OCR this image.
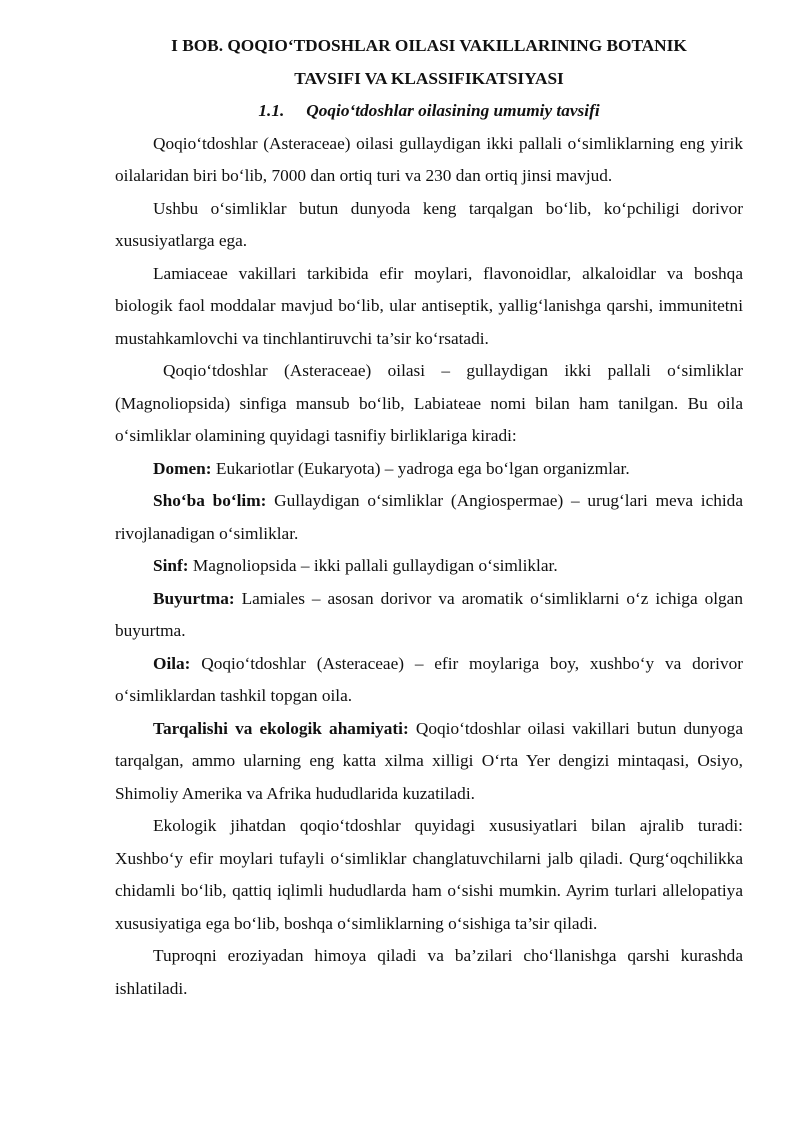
I BOB. QOQIO‘TDOSHLAR OILASI VAKILLARINING BOTANIK
TAVSIFI VA KLASSIFIKATSIYASI
1.1. Qoqio‘tdoshlar oilasining umumiy tavsifi

Qoqio‘tdoshlar (Asteraceae) oilasi gullaydigan ikki pallali o‘simliklarning eng yirik oilalaridan biri bo‘lib, 7000 dan ortiq turi va 230 dan ortiq jinsi mavjud.

Ushbu o‘simliklar butun dunyoda keng tarqalgan bo‘lib, ko‘pchiligi dorivor xususiyatlarga ega.

Lamiaceae vakillari tarkibida efir moylari, flavonoidlar, alkaloidlar va boshqa biologik faol moddalar mavjud bo‘lib, ular antiseptik, yallig‘lanishga qarshi, immunitetni mustahkamlovchi va tinchlantiruvchi ta’sir ko‘rsatadi.

Qoqio‘tdoshlar (Asteraceae) oilasi – gullaydigan ikki pallali o‘simliklar (Magnoliopsida) sinfiga mansub bo‘lib, Labiateae nomi bilan ham tanilgan. Bu oila o‘simliklar olamining quyidagi tasnifiy birliklariga kiradi:

Domen: Eukariotlar (Eukaryota) – yadroga ega bo‘lgan organizmlar.

Sho‘ba bo‘lim: Gullaydigan o‘simliklar (Angiospermae) – urug‘lari meva ichida rivojlanadigan o‘simliklar.

Sinf: Magnoliopsida – ikki pallali gullaydigan o‘simliklar.

Buyurtma: Lamiales – asosan dorivor va aromatik o‘simliklarni o‘z ichiga olgan buyurtma.

Oila: Qoqio‘tdoshlar (Asteraceae) – efir moylariga boy, xushbo‘y va dorivor o‘simliklardan tashkil topgan oila.

Tarqalishi va ekologik ahamiyati: Qoqio‘tdoshlar oilasi vakillari butun dunyoga tarqalgan, ammo ularning eng katta xilma xilligi O‘rta Yer dengizi mintaqasi, Osiyo, Shimoliy Amerika va Afrika hududlarida kuzatiladi.

Ekologik jihatdan qoqio‘tdoshlar quyidagi xususiyatlari bilan ajralib turadi: Xushbo‘y efir moylari tufayli o‘simliklar changlatuvchilarni jalb qiladi. Qurg‘oqchilikka chidamli bo‘lib, qattiq iqlimli hududlarda ham o‘sishi mumkin. Ayrim turlari allelopatiya xususiyatiga ega bo‘lib, boshqa o‘simliklarning o‘sishiga ta’sir qiladi.

Tuproqni eroziyadan himoya qiladi va ba’zilari cho‘llanishga qarshi kurashda ishlatiladi.
